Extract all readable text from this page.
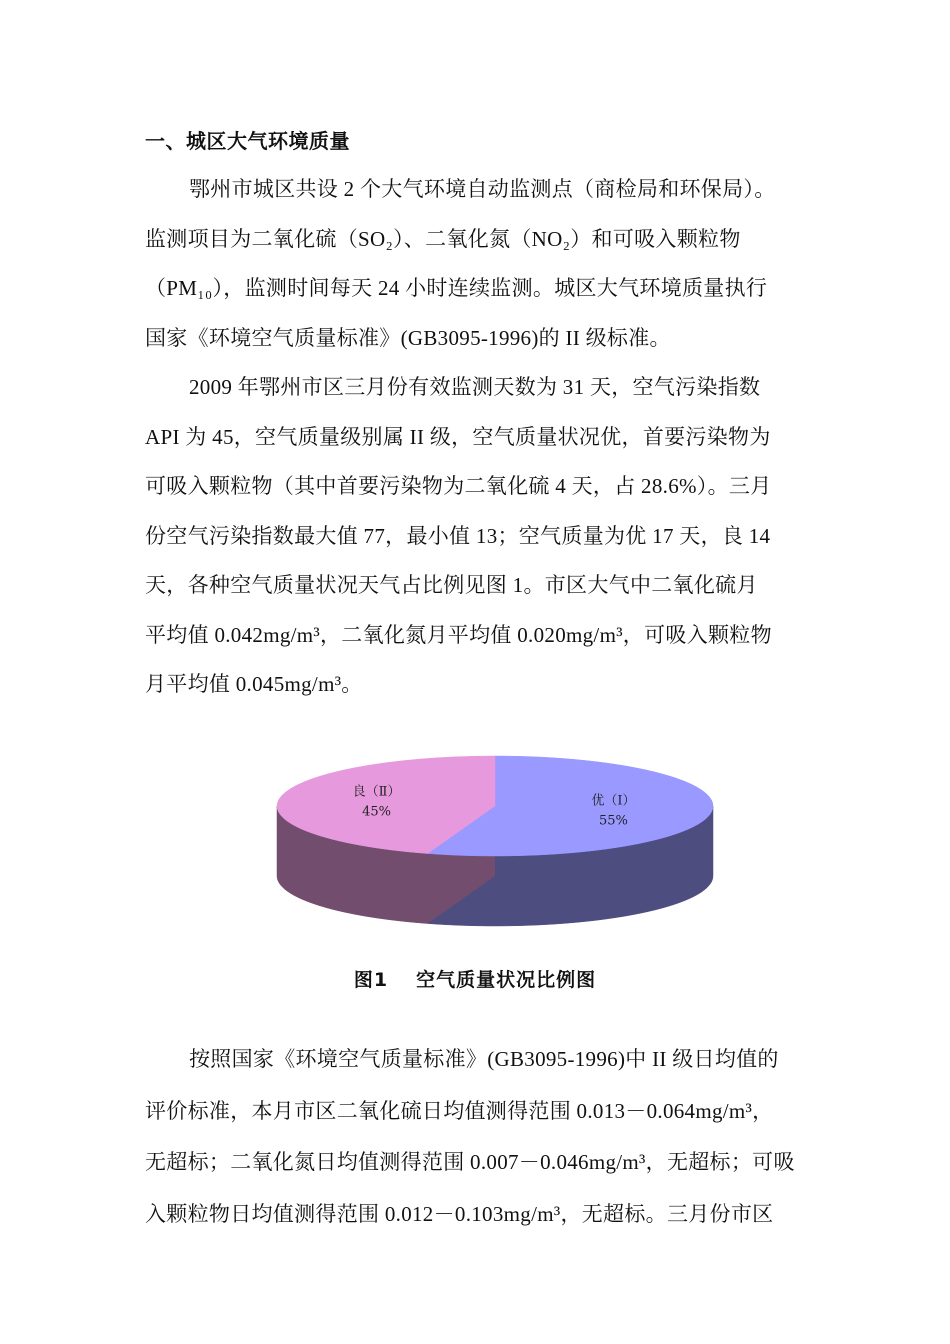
一、城区大气环境质量
鄂州市城区共设 2 个大气环境自动监测点（商检局和环保局）。
监测项目为二氧化硫（SO₂）、二氧化氮（NO₂）和可吸入颗粒物
（PM₁₀），监测时间每天 24 小时连续监测。城区大气环境质量执行
国家《环境空气质量标准》(GB3095-1996)的 II 级标准。
2009 年鄂州市区三月份有效监测天数为 31 天，空气污染指数
API 为 45，空气质量级别属 II 级，空气质量状况优，首要污染物为
可吸入颗粒物（其中首要污染物为二氧化硫 4 天，占 28.6%）。三月
份空气污染指数最大值 77，最小值 13；空气质量为优 17 天，良 14
天，各种空气质量状况天气占比例见图 1。市区大气中二氧化硫月
平均值 0.042mg/m³，二氧化氮月平均值 0.020mg/m³，可吸入颗粒物
月平均值 0.045mg/m³。
优（Ⅰ）
55%
良（Ⅱ）
45%
图1 空气质量状况比例图
按照国家《环境空气质量标准》(GB3095-1996)中 II 级日均值的
评价标准，本月市区二氧化硫日均值测得范围 0.013－0.064mg/m³，
无超标；二氧化氮日均值测得范围 0.007－0.046mg/m³，无超标；可吸
入颗粒物日均值测得范围 0.012－0.103mg/m³，无超标。三月份市区
